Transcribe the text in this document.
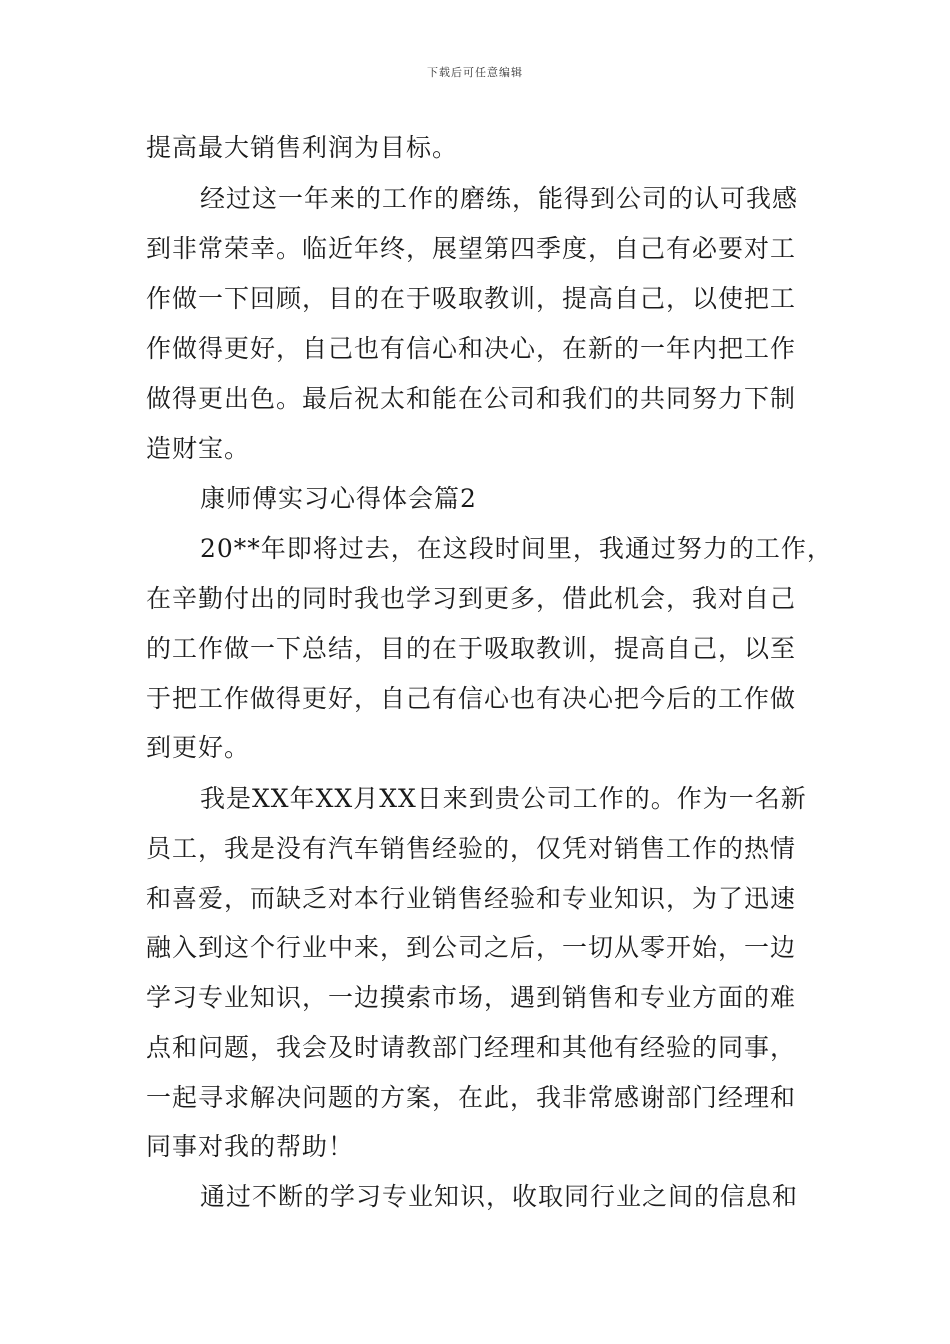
下载后可任意编辑
提高最大销售利润为目标。
经过这一年来的工作的磨练，能得到公司的认可我感
到非常荣幸。临近年终，展望第四季度，自己有必要对工
作做一下回顾，目的在于吸取教训，提高自己，以使把工
作做得更好，自己也有信心和决心，在新的一年内把工作
做得更出色。最后祝太和能在公司和我们的共同努力下制
造财宝。
康师傅实习心得体会篇2
20**年即将过去，在这段时间里，我通过努力的工作，
在辛勤付出的同时我也学习到更多，借此机会，我对自己
的工作做一下总结，目的在于吸取教训，提高自己，以至
于把工作做得更好，自己有信心也有决心把今后的工作做
到更好。
我是XX年XX月XX日来到贵公司工作的。作为一名新
员工，我是没有汽车销售经验的，仅凭对销售工作的热情
和喜爱，而缺乏对本行业销售经验和专业知识，为了迅速
融入到这个行业中来，到公司之后，一切从零开始，一边
学习专业知识，一边摸索市场，遇到销售和专业方面的难
点和问题，我会及时请教部门经理和其他有经验的同事，
一起寻求解决问题的方案，在此，我非常感谢部门经理和
同事对我的帮助！
通过不断的学习专业知识，收取同行业之间的信息和
